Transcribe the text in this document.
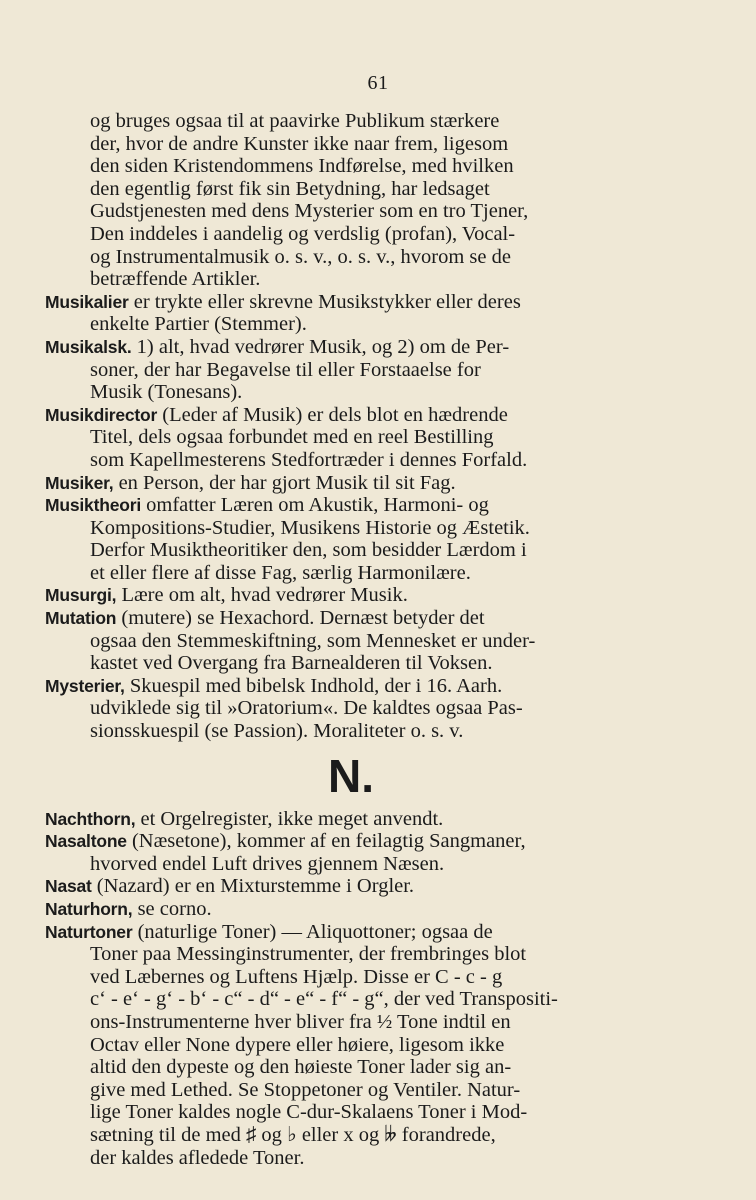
61

og bruges ogsaa til at paavirke Publikum stærkere
der, hvor de andre Kunster ikke naar frem, ligesom
den siden Kristendommens Indførelse, med hvilken
den egentlig først fik sin Betydning, har ledsaget
Gudstjenesten med dens Mysterier som en tro Tjener,
Den inddeles i aandelig og verdslig (profan), Vocal-
og Instrumentalmusik o. s. v., o. s. v., hvorom se de
betræffende Artikler.

Musikalier er trykte eller skrevne Musikstykker eller deres
enkelte Partier (Stemmer).

Musikalsk. 1) alt, hvad vedrører Musik, og 2) om de Per-
soner, der har Begavelse til eller Forstaaelse for
Musik (Tonesans).

Musikdirector (Leder af Musik) er dels blot en hædrende
Titel, dels ogsaa forbundet med en reel Bestilling
som Kapellmesterens Stedfortræder i dennes Forfald.

Musiker, en Person, der har gjort Musik til sit Fag.

Musiktheori omfatter Læren om Akustik, Harmoni- og
Kompositions-Studier, Musikens Historie og Æstetik.
Derfor Musiktheoritiker den, som besidder Lærdom i
et eller flere af disse Fag, særlig Harmonilære.

Musurgi, Lære om alt, hvad vedrører Musik.

Mutation (mutere) se Hexachord. Dernæst betyder det
ogsaa den Stemmeskiftning, som Mennesket er under-
kastet ved Overgang fra Barnealderen til Voksen.

Mysterier, Skuespil med bibelsk Indhold, der i 16. Aarh.
udviklede sig til »Oratorium«. De kaldtes ogsaa Pas-
sionsskuespil (se Passion). Moraliteter o. s. v.

N.

Nachthorn, et Orgelregister, ikke meget anvendt.

Nasaltone (Næsetone), kommer af en feilagtig Sangmaner,
hvorved endel Luft drives gjennem Næsen.

Nasat (Nazard) er en Mixturstemme i Orgler.

Naturhorn, se corno.

Naturtoner (naturlige Toner) — Aliquottoner; ogsaa de
Toner paa Messinginstrumenter, der frembringes blot
ved Læbernes og Luftens Hjælp. Disse er C - c - g
c‘ - e‘ - g‘ - b‘ - c“ - d“ - e“ - f“ - g“, der ved Transpositi-
ons-Instrumenterne hver bliver fra ½ Tone indtil en
Octav eller None dypere eller høiere, ligesom ikke
altid den dypeste og den høieste Toner lader sig an-
give med Lethed. Se Stoppetoner og Ventiler. Natur-
lige Toner kaldes nogle C-dur-Skalaens Toner i Mod-
sætning til de med ♯ og ♭ eller x og 𝄫 forandrede,
der kaldes afledede Toner.
